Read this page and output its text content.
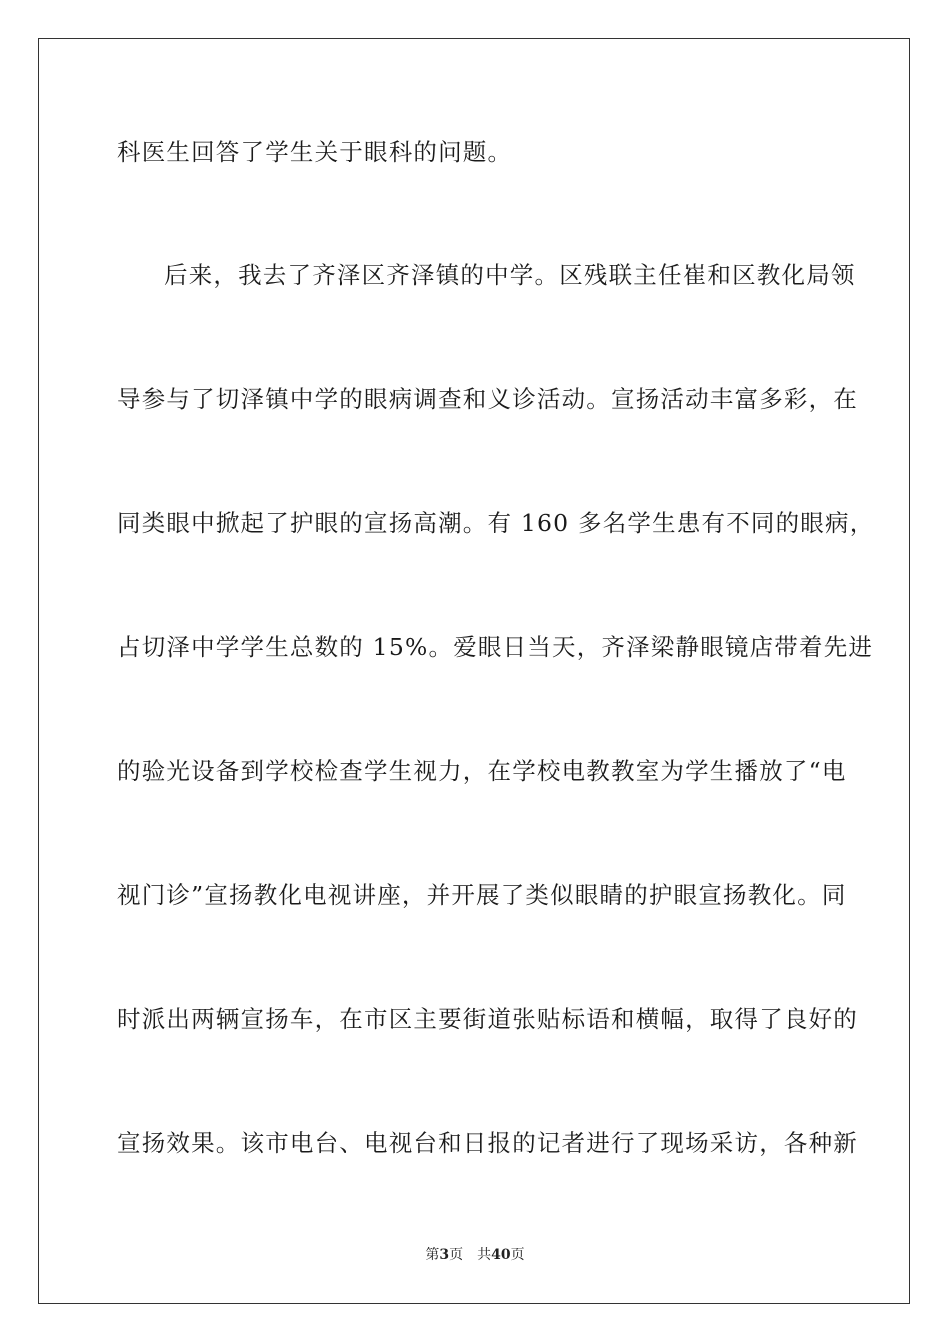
科医生回答了学生关于眼科的问题。
后来，我去了齐泽区齐泽镇的中学。区残联主任崔和区教化局领
导参与了切泽镇中学的眼病调查和义诊活动。宣扬活动丰富多彩，在
同类眼中掀起了护眼的宣扬高潮。有 160 多名学生患有不同的眼病，
占切泽中学学生总数的 15%。爱眼日当天，齐泽梁静眼镜店带着先进
的验光设备到学校检查学生视力，在学校电教教室为学生播放了“电
视门诊”宣扬教化电视讲座，并开展了类似眼睛的护眼宣扬教化。同
时派出两辆宣扬车，在市区主要街道张贴标语和横幅，取得了良好的
宣扬效果。该市电台、电视台和日报的记者进行了现场采访，各种新
第3页 共40页
